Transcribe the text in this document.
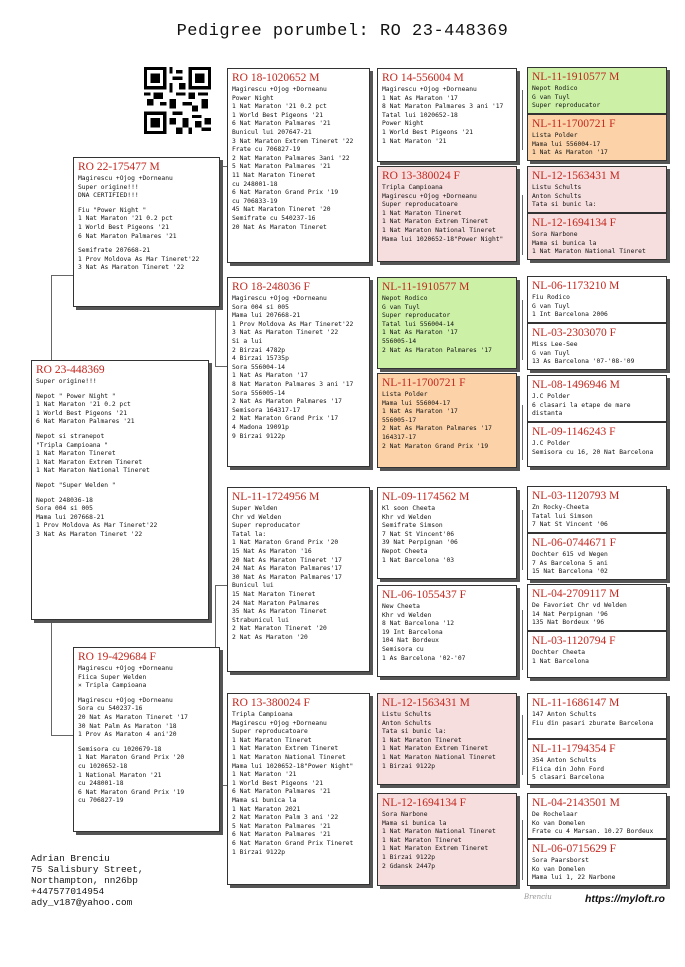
Pedigree porumbel: RO 23-448369
RO 23-448369
Super origine!!!
Nepot " Power Night "
1 Nat Maraton '21 0.2 pct
1 World Best Pigeons '21
6 Nat Maraton Palmares '21
Nepot si stranepot
"Tripla Campioana "
1 Nat Maraton Tineret
1 Nat Maraton Extrem Tineret
1 Nat Maraton National Tineret
Nepot "Super Welden "
Nepot 248036-18
Sora 004 si 005
Mama lui 207668-21
1 Prov Moldova As Mar Tineret'22
3 Nat As Maraton Tineret '22
RO 22-175477 M
Magirescu +Ojog +Dorneanu
Super origine!!!
DNA CERTIFIED!!!
Fiu "Power Night "
1 Nat Maraton '21 0.2 pct
1 World Best Pigeons '21
6 Nat Maraton Palmares '21
Semifrate 207668-21
1 Prov Moldova As Mar Tineret'22
3 Nat As Maraton Tineret '22
RO 19-429684 F
Magirescu +Ojog +Dorneanu
Fiica Super Welden
× Tripla Campioana
Magirescu +Ojog +Dorneanu
Sora cu 540237-16
20 Nat As Maraton Tineret '17
30 Nat Palm As Maraton '18
1 Prov As Maraton 4 ani'20
Semisora cu 1020679-18
1 Nat Maraton Grand Prix '20
cu 1020652-18
1 National Maraton '21
cu 248001-18
6 Nat Maraton Grand Prix '19
cu 706827-19
RO 18-1020652 M
Magirescu +Ojog +Dorneanu
Power Night
1 Nat Maraton '21 0.2 pct
1 World Best Pigeons '21
6 Nat Maraton Palmares '21
Bunicul lui 207647-21
3 Nat Maraton Extrem Tineret '22
Frate cu 706827-19
2 Nat Maraton Palmares 3ani '22
5 Nat Maraton Palmares '21
11 Nat Maraton Tineret
cu 248001-18
6 Nat Maraton Grand Prix '19
cu 706833-19
45 Nat Maraton Tineret '20
Semifrate cu 540237-16
20 Nat As Maraton Tineret
RO 18-248036 F
Magirescu +Ojog +Dorneanu
Sora 004 si 005
Mama lui 207668-21
1 Prov Moldova As Mar Tineret'22
3 Nat As Maraton Tineret '22
Si a lui
2 Birzai 4782p
4 Birzai 15735p
Sora 556004-14
1 Nat As Maraton '17
8 Nat Maraton Palmares 3 ani '17
Sora 556005-14
2 Nat As Maraton Palmares '17
Semisora 164317-17
2 Nat Maraton Grand Prix '17
4 Madona 19091p
9 Birzai 9122p
NL-11-1724956 M
Super Welden
Chr vd Welden
Super reproducator
Tatal la:
1 Nat Maraton Grand Prix '20
15 Nat As Maraton '16
20 Nat As Maraton Tineret '17
24 Nat As Maraton Palmares'17
30 Nat As Maraton Palmares'17
Bunicul lui
15 Nat Maraton Tineret
24 Nat Maraton Palmares
35 Nat As Maraton Tineret
Strabunicul lui
2 Nat Maraton Tineret '20
2 Nat As Maraton '20
RO 13-380024 F
Tripla Campioana
Magirescu +Ojog +Dorneanu
Super reproducatoare
1 Nat Maraton Tineret
1 Nat Maraton Extrem Tineret
1 Nat Maraton National Tineret
Mama lui 1020652-18"Power Night"
1 Nat Maraton '21
1 World Best Pigeons '21
6 Nat Maraton Palmares '21
Mama si bunica la
1 Nat Maraton 2021
2 Nat Maraton Palm 3 ani '22
5 Nat Maraton Palmares '21
6 Nat Maraton Palmares '21
6 Nat Maraton Grand Prix Tineret
1 Birzai 9122p
RO 14-556004 M
Magirescu +Ojog +Dorneanu
1 Nat As Maraton '17
8 Nat Maraton Palmares 3 ani '17
Tatal lui 1020652-18
Power Night
1 World Best Pigeons '21
1 Nat Maraton '21
RO 13-380024 F
Tripla Campioana
Magirescu +Ojog +Dorneanu
Super reproducatoare
1 Nat Maraton Tineret
1 Nat Maraton Extrem Tineret
1 Nat Maraton National Tineret
Mama lui 1020652-18"Power Night"
NL-11-1910577 M
Nepot Rodico
G van Tuyl
Super reproducator
Tatal lui 556004-14
1 Nat As Maraton '17
556005-14
2 Nat As Maraton Palmares '17
NL-11-1700721 F
Lista Polder
Mama lui 556004-17
1 Nat As Maraton '17
556005-17
2 Nat As Maraton Palmares '17
164317-17
2 Nat Maraton Grand Prix '19
NL-09-1174562 M
Kl soon Cheeta
Khr vd Welden
Semifrate Simson
7 Nat St Vincent'06
39 Nat Perpignan '06
Nepot Cheeta
1 Nat Barcelona '03
NL-06-1055437 F
New Cheeta
Khr vd Welden
8 Nat Barcelona '12
19 Int Barcelona
104 Nat Bordeux
Semisora cu
1 As Barcelona '02-'07
NL-12-1563431 M
Listu Schults
Anton Schults
Tata si bunic la:
1 Nat Maraton Tineret
1 Nat Maraton Extrem Tineret
1 Nat Maraton National Tineret
1 Birzai 9122p
NL-12-1694134 F
Sora Narbone
Mama si bunica la
1 Nat Maraton National Tineret
1 Nat Maraton Tineret
1 Nat Maraton Extrem Tineret
1 Birzai 9122p
2 Gdansk 2447p
NL-11-1910577 M
Nepot Rodico
G van Tuyl
Super reproducator
NL-11-1700721 F
Lista Polder
Mama lui 556004-17
1 Nat As Maraton '17
NL-12-1563431 M
Listu Schults
Anton Schults
Tata si bunic la:
NL-12-1694134 F
Sora Narbone
Mama si bunica la
1 Nat Maraton National Tineret
NL-06-1173210 M
Fiu Rodico
G van Tuyl
1 Int Barcelona 2006
NL-03-2303070 F
Miss Lee-See
G van Tuyl
13 As Barcelona '07-'08-'09
NL-08-1496946 M
J.C Polder
6 clasari la etape de mare
distanta
NL-09-1146243 F
J.C Polder
Semisora cu 16, 20 Nat Barcelona
NL-03-1120793 M
Zn Rocky-Cheeta
Tatal lui Simson
7 Nat St Vincent '06
NL-06-0744671 F
Dochter 615 vd Wegen
7 As Barcelona 5 ani
15 Nat Barcelona '02
NL-04-2709117 M
De Favoriet Chr vd Welden
14 Nat Perpignan '96
135 Nat Bordeux '96
NL-03-1120794 F
Dochter Cheeta
1 Nat Barcelona
NL-11-1686147 M
147 Anton Schults
Fiu din pasari zburate Barcelona
NL-11-1794354 F
354 Anton Schults
Fiica din John Ford
5 clasari Barcelona
NL-04-2143501 M
De Rochelaar
Ko van Domelen
Frate cu 4 Marsan. 10.27 Bordeux
NL-06-0715629 F
Sora Paarsborst
Ko van Domelen
Mama lui 1, 22 Narbone
Adrian Brenciu
75 Salisbury Street,
Northampton, nn26bp
+447577014954
ady_v187@yahoo.com	Brenciu	https://myloft.ro
